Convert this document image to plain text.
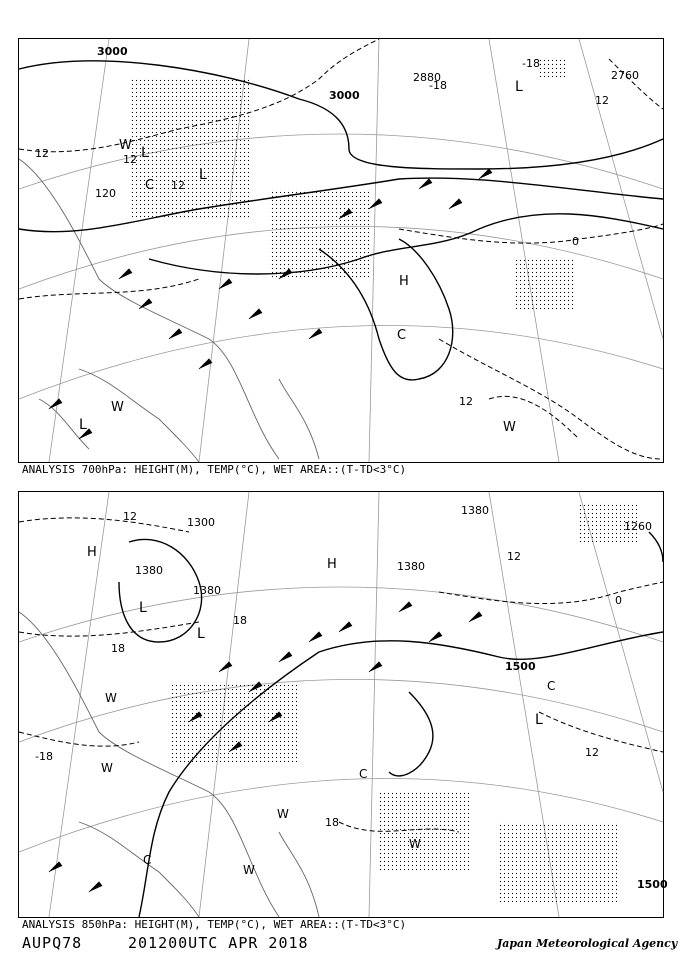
3000
3000
2880	2760
120
12	12
12
12
12
-18
-18
0
L
L
L
L
H
C
C
W
W
W
ANALYSIS 700hPa: HEIGHT(M), TEMP(°C), WET AREA::(T-TD<3°C)
1500
1500
1380
1380
1380
1380
1300	1260
12
12
12
18
18
18
-18
0
H
H
L
L
L
C
C
C
W
W
W
W
W
ANALYSIS 850hPa: HEIGHT(M), TEMP(°C), WET AREA::(T-TD<3°C)
AUPQ78	201200UTC APR 2018	Japan Meteorological Agency
